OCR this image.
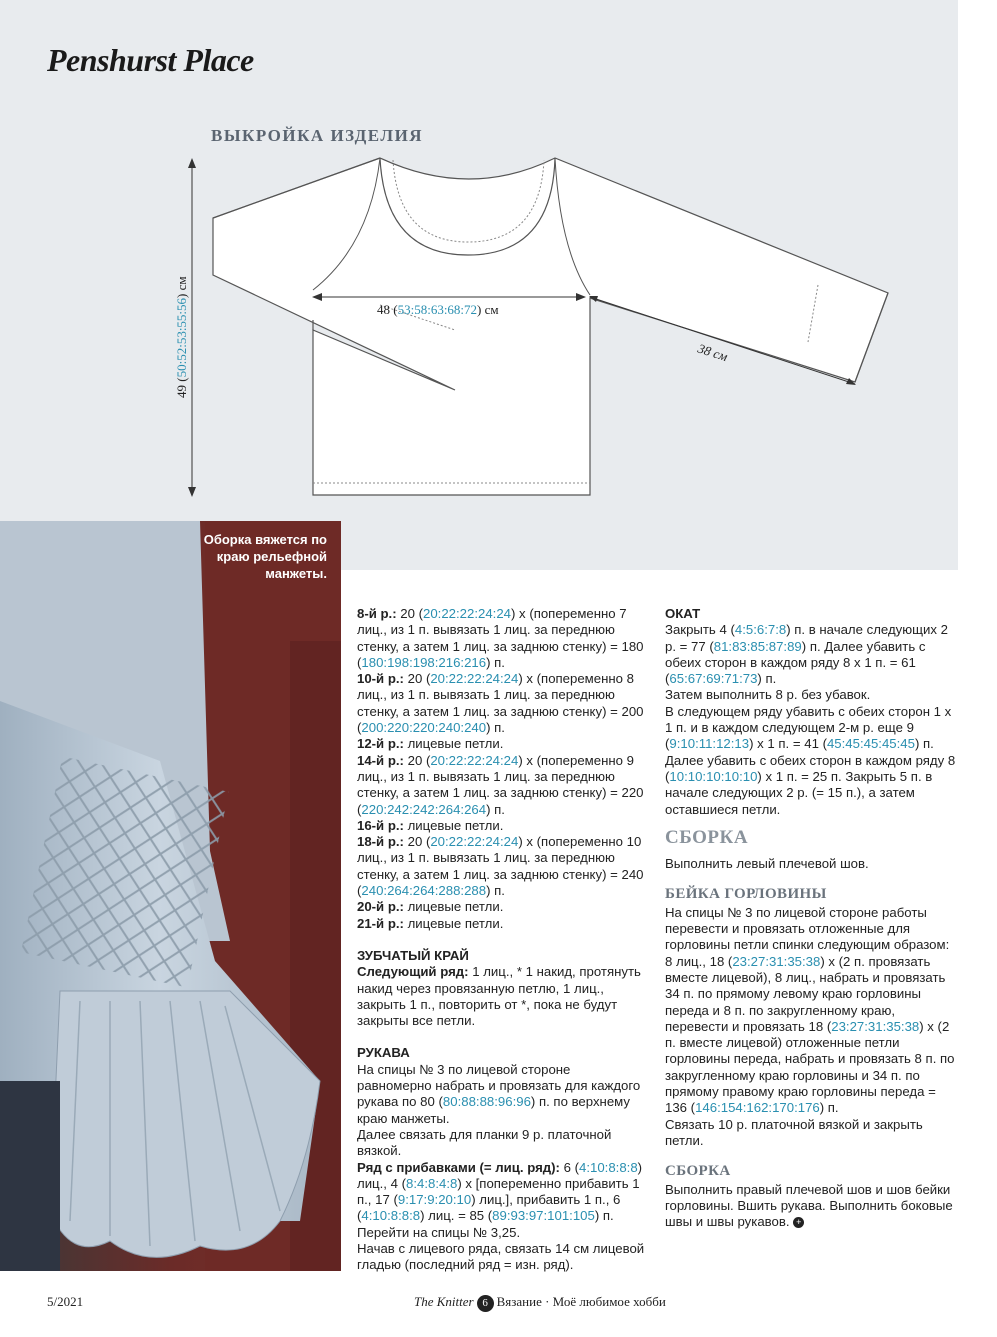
Penshurst Place
ВЫКРОЙКА ИЗДЕЛИЯ
49 (50:52:53:55:56) см
48 (53:58:63:68:72) см
38 см
Оборка вяжется по краю рельефной манжеты.

8-й р.: 20 (20:22:22:24:24) х (попеременно 7 лиц., из 1 п. вывязать 1 лиц. за переднюю стенку, а затем 1 лиц. за заднюю стенку) = 180 (180:198:198:216:216) п.

10-й р.: 20 (20:22:22:24:24) х (попеременно 8 лиц., из 1 п. вывязать 1 лиц. за переднюю стенку, а затем 1 лиц. за заднюю стенку) = 200 (200:220:220:240:240) п.

12-й р.: лицевые петли.

14-й р.: 20 (20:22:22:24:24) х (попеременно 9 лиц., из 1 п. вывязать 1 лиц. за переднюю стенку, а затем 1 лиц. за заднюю стенку) = 220 (220:242:242:264:264) п.

16-й р.: лицевые петли.

18-й р.: 20 (20:22:22:24:24) х (попеременно 10 лиц., из 1 п. вывязать 1 лиц. за переднюю стенку, а затем 1 лиц. за заднюю стенку) = 240 (240:264:264:288:288) п.

20-й р.: лицевые петли.

21-й р.: лицевые петли.

ЗУБЧАТЫЙ КРАЙ

Следующий ряд: 1 лиц., * 1 накид, протянуть накид через провязанную петлю, 1 лиц., закрыть 1 п., повторить от *, пока не будут закрыты все петли.

РУКАВА

На спицы № 3 по лицевой стороне равномерно набрать и провязать для каждого рукава по 80 (80:88:88:96:96) п. по верхнему краю манжеты.

Далее связать для планки 9 р. платочной вязкой.

Ряд с прибавками (= лиц. ряд): 6 (4:10:8:8:8) лиц., 4 (8:4:8:4:8) х [попеременно прибавить 1 п., 17 (9:17:9:20:10) лиц.], прибавить 1 п., 6 (4:10:8:8:8) лиц. = 85 (89:93:97:101:105) п.

Перейти на спицы № 3,25.

Начав с лицевого ряда, связать 14 см лицевой гладью (последний ряд = изн. ряд).

ОКАТ

Закрыть 4 (4:5:6:7:8) п. в начале следующих 2 р. = 77 (81:83:85:87:89) п. Далее убавить с обеих сторон в каждом ряду 8 х 1 п. = 61 (65:67:69:71:73) п.

Затем выполнить 8 р. без убавок.

В следующем ряду убавить с обеих сторон 1 х 1 п. и в каждом следующем 2-м р. еще 9 (9:10:11:12:13) х 1 п. = 41 (45:45:45:45:45) п.

Далее убавить с обеих сторон в каждом ряду 8 (10:10:10:10:10) х 1 п. = 25 п. Закрыть 5 п. в начале следующих 2 р. (= 15 п.), а затем оставшиеся петли.

СБОРКА

Выполнить левый плечевой шов.

БЕЙКА ГОРЛОВИНЫ

На спицы № 3 по лицевой стороне работы перевести и провязать отложенные для горловины петли спинки следующим образом: 8 лиц., 18 (23:27:31:35:38) х (2 п. провязать вместе лицевой), 8 лиц., набрать и провязать 34 п. по прямому левому краю горловины переда и 8 п. по закругленному краю, перевести и провязать 18 (23:27:31:35:38) х (2 п. вместе лицевой) отложенные петли горловины переда, набрать и провязать 8 п. по закругленному краю горловины и 34 п. по прямому правому краю горловины переда = 136 (146:154:162:170:176) п.

Связать 10 р. платочной вязкой и закрыть петли.

СБОРКА

Выполнить правый плечевой шов и шов бейки горловины. Вшить рукава. Выполнить боковые швы и швы рукавов. +

5/2021	The Knitter 6 Вязание · Моё любимое хобби
